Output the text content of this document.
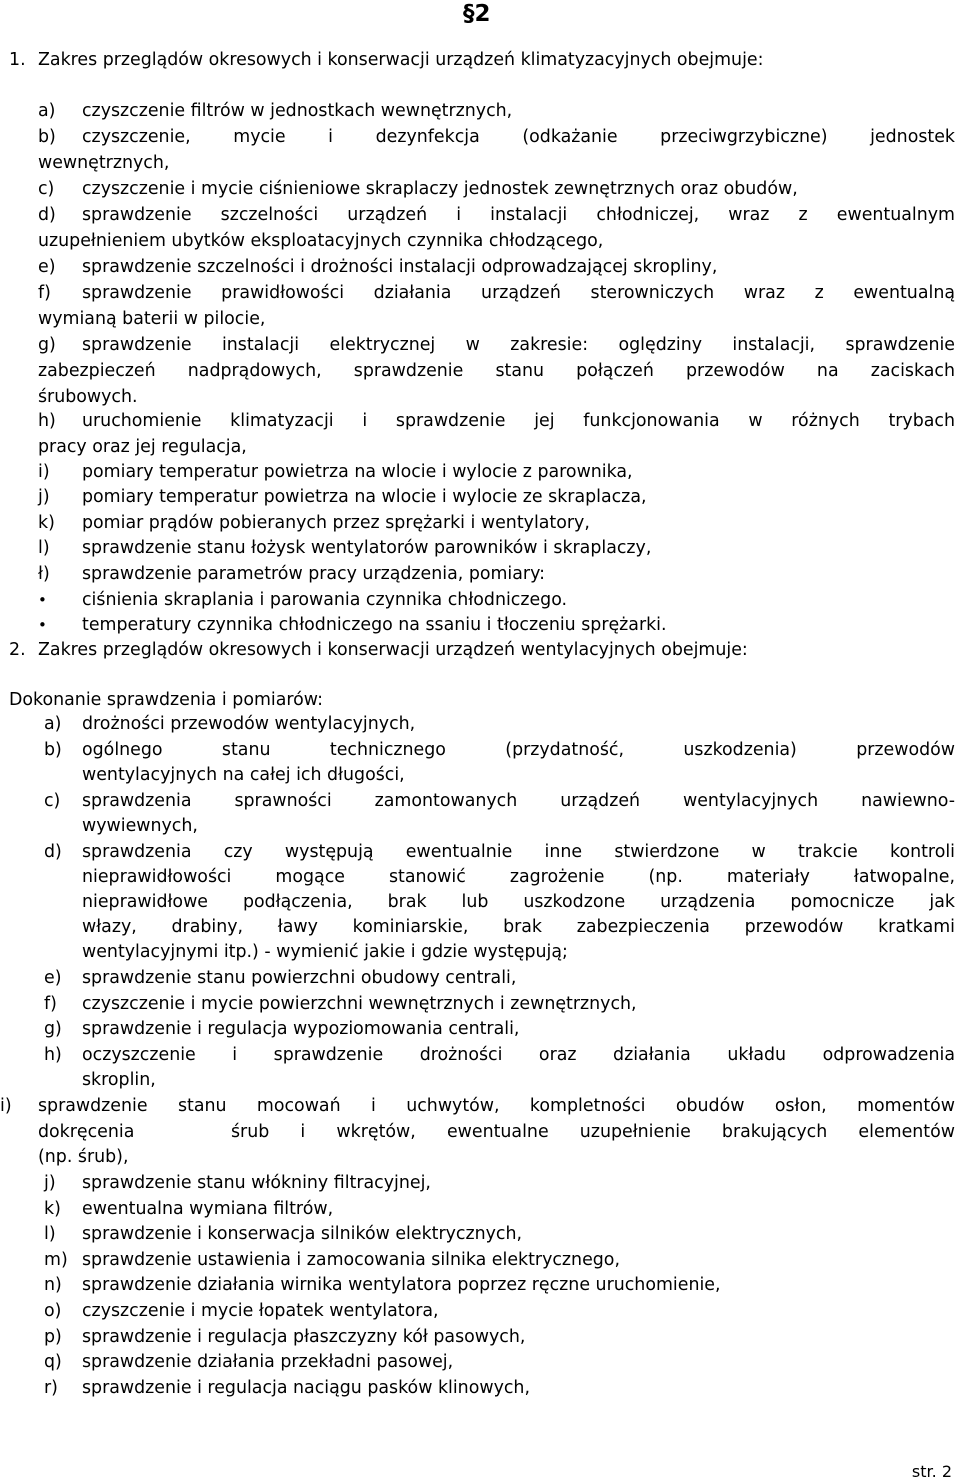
§2
1. Zakres przeglądów okresowych i konserwacji urządzeń klimatyzacyjnych obejmuje:
a) czyszczenie filtrów w jednostkach wewnętrznych,
b) czyszczenie, mycie i dezynfekcja (odkażanie przeciwgrzybiczne) jednostek
wewnętrznych,
c) czyszczenie i mycie ciśnieniowe skraplaczy jednostek zewnętrznych oraz obudów,
d) sprawdzenie szczelności urządzeń i instalacji chłodniczej, wraz z ewentualnym
uzupełnieniem ubytków eksploatacyjnych czynnika chłodzącego,
e) sprawdzenie szczelności i drożności instalacji odprowadzającej skropliny,
f) sprawdzenie prawidłowości działania urządzeń sterowniczych wraz z ewentualną
wymianą baterii w pilocie,
g) sprawdzenie instalacji elektrycznej w zakresie: oględziny instalacji, sprawdzenie
zabezpieczeń nadprądowych, sprawdzenie stanu połączeń przewodów na zaciskach
śrubowych.
h) uruchomienie klimatyzacji i sprawdzenie jej funkcjonowania w różnych trybach
pracy oraz jej regulacja,
i) pomiary temperatur powietrza na wlocie i wylocie z parownika,
j) pomiary temperatur powietrza na wlocie i wylocie ze skraplacza,
k) pomiar prądów pobieranych przez sprężarki i wentylatory,
l) sprawdzenie stanu łożysk wentylatorów parowników i skraplaczy,
ł) sprawdzenie parametrów pracy urządzenia, pomiary:
• ciśnienia skraplania i parowania czynnika chłodniczego.
• temperatury czynnika chłodniczego na ssaniu i tłoczeniu sprężarki.
2. Zakres przeglądów okresowych i konserwacji urządzeń wentylacyjnych obejmuje:
Dokonanie sprawdzenia i pomiarów:
a) drożności przewodów wentylacyjnych,
b) ogólnego stanu technicznego (przydatność, uszkodzenia) przewodów
wentylacyjnych na całej ich długości,
c) sprawdzenia sprawności zamontowanych urządzeń wentylacyjnych nawiewno-
wywiewnych,
d) sprawdzenia czy występują ewentualnie inne stwierdzone w trakcie kontroli
nieprawidłowości mogące stanowić zagrożenie (np. materiały łatwopalne,
nieprawidłowe podłączenia, brak lub uszkodzone urządzenia pomocnicze jak
włazy, drabiny, ławy kominiarskie, brak zabezpieczenia przewodów kratkami
wentylacyjnymi itp.) - wymienić jakie i gdzie występują;
e) sprawdzenie stanu powierzchni obudowy centrali,
f) czyszczenie i mycie powierzchni wewnętrznych i zewnętrznych,
g) sprawdzenie i regulacja wypoziomowania centrali,
h) oczyszczenie i sprawdzenie drożności oraz działania układu odprowadzenia
skroplin,
i) sprawdzenie stanu mocowań i uchwytów, kompletności obudów osłon, momentów
dokręcenia	śrub i wkrętów, ewentualne uzupełnienie brakujących elementów
(np. śrub),
j) sprawdzenie stanu włókniny filtracyjnej,
k) ewentualna wymiana filtrów,
l) sprawdzenie i konserwacja silników elektrycznych,
m) sprawdzenie ustawienia i zamocowania silnika elektrycznego,
n) sprawdzenie działania wirnika wentylatora poprzez ręczne uruchomienie,
o) czyszczenie i mycie łopatek wentylatora,
p) sprawdzenie i regulacja płaszczyzny kół pasowych,
q) sprawdzenie działania przekładni pasowej,
r) sprawdzenie i regulacja naciągu pasków klinowych,
str. 2
